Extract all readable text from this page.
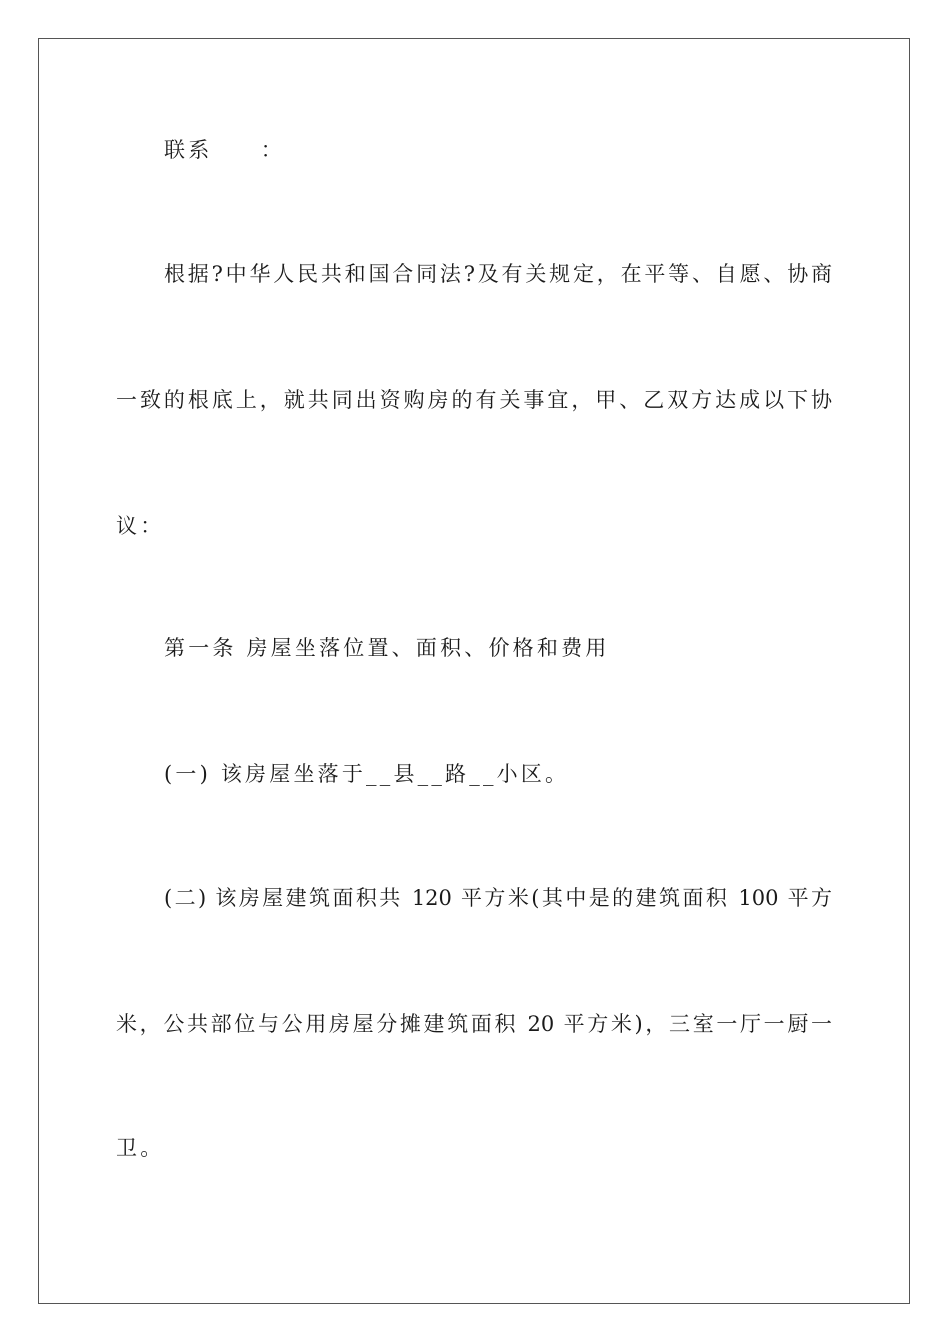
联系　　：
根据?中华人民共和国合同法?及有关规定，在平等、自愿、协商
一致的根底上，就共同出资购房的有关事宜，甲、乙双方达成以下协
议：
第一条 房屋坐落位置、面积、价格和费用
(一) 该房屋坐落于__县__路__小区。
(二) 该房屋建筑面积共 120 平方米(其中是的建筑面积 100 平方
米，公共部位与公用房屋分摊建筑面积 20 平方米)，三室一厅一厨一
卫。
